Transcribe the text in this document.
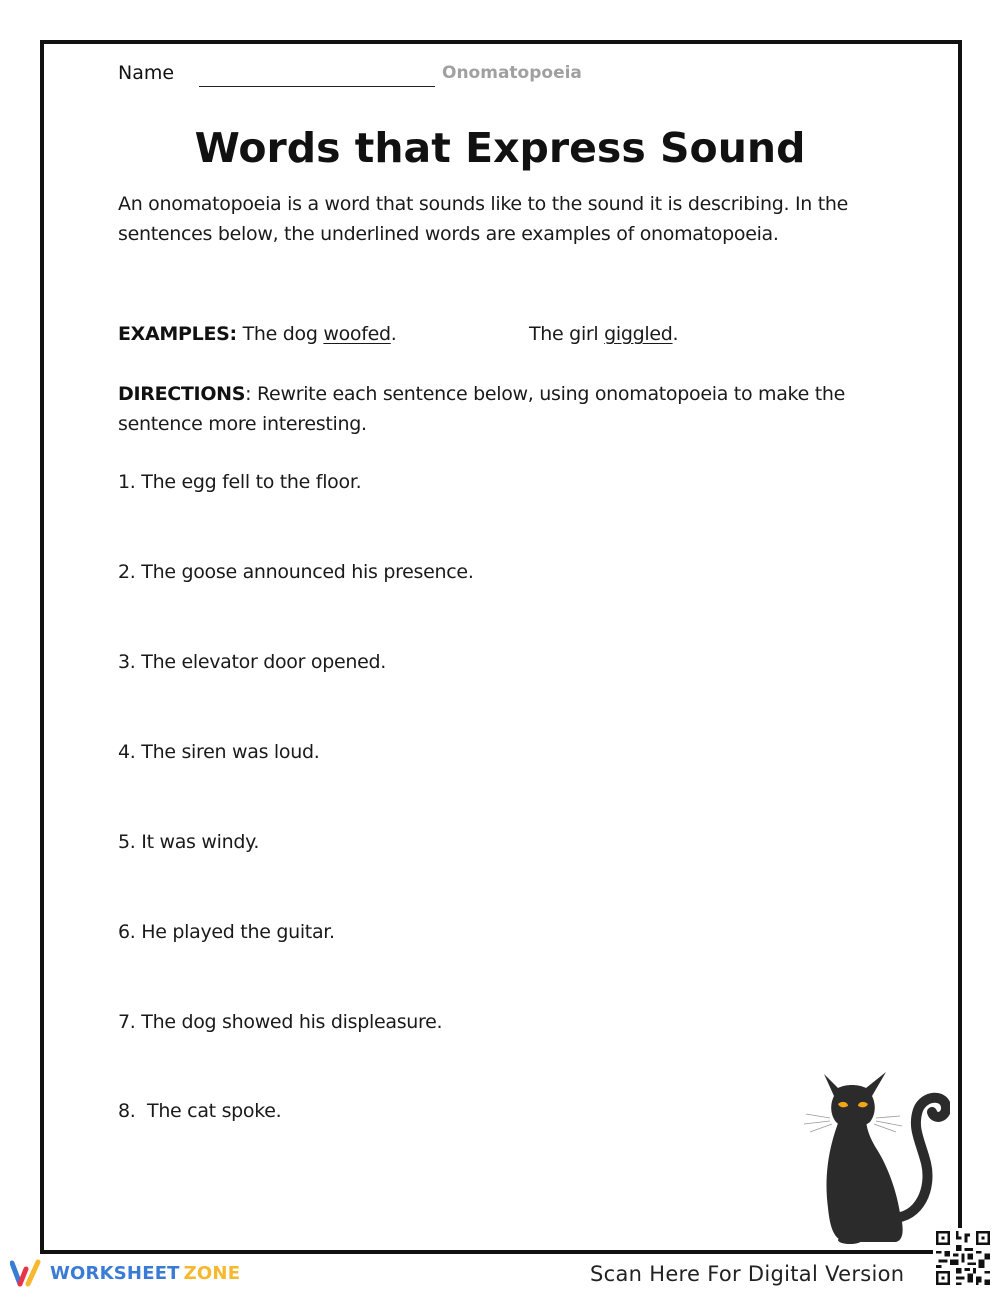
Name	Onomatopoeia
Words that Express Sound
An onomatopoeia is a word that sounds like to the sound it is describing. In the sentences below, the underlined words are examples of onomatopoeia.
EXAMPLES: The dog woofed.	The girl giggled.
DIRECTIONS: Rewrite each sentence below, using onomatopoeia to make the sentence more interesting.
1. The egg fell to the floor.
2. The goose announced his presence.
3. The elevator door opened.
4. The siren was loud.
5. It was windy.
6. He played the guitar.
7. The dog showed his displeasure.
8.  The cat spoke.
WORKSHEET ZONE	Scan Here For Digital Version
